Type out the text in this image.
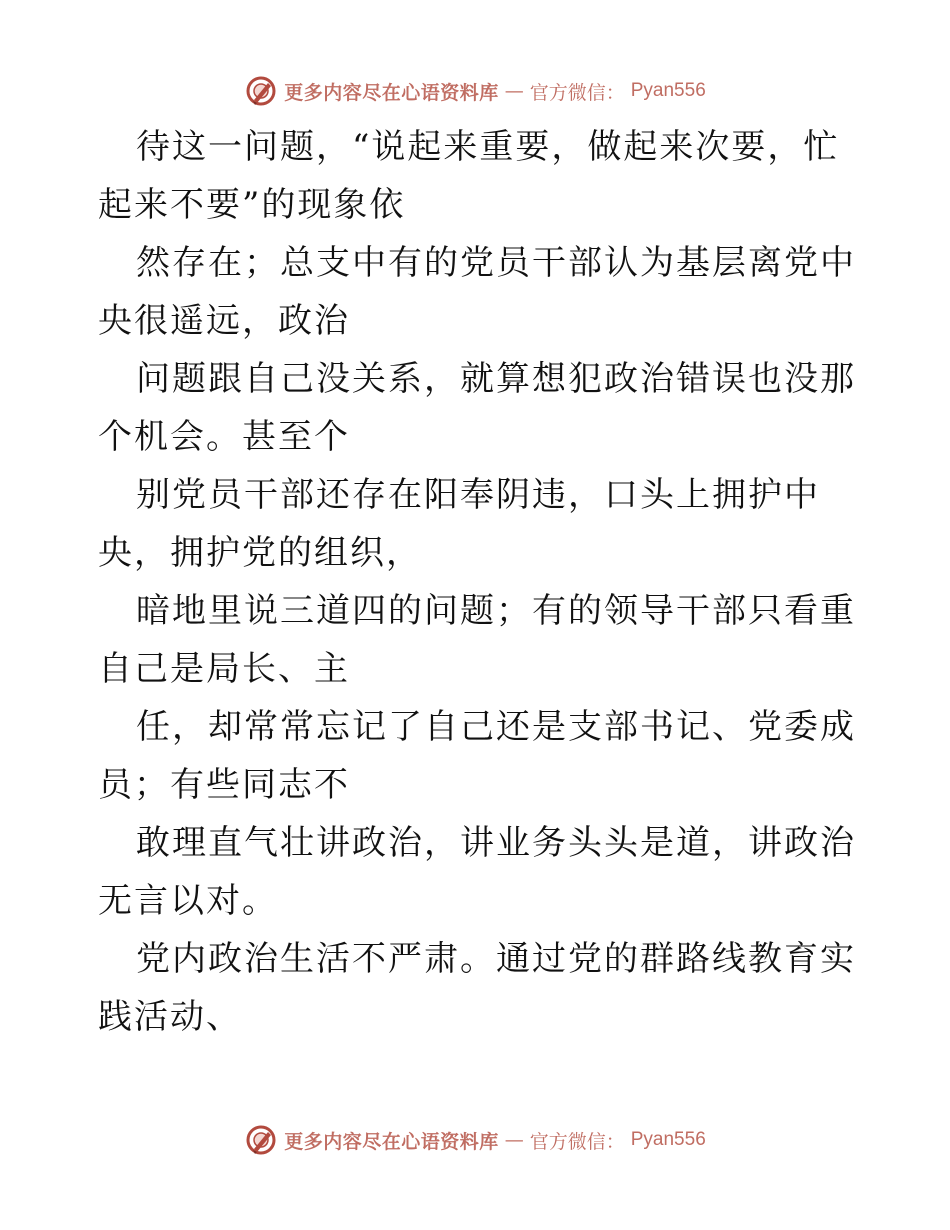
更多内容尽在心语资料库 — 官方微信： Pyan556

待这一问题，“说起来重要，做起来次要，忙起来不要”的现象依

然存在；总支中有的党员干部认为基层离党中央很遥远，政治

问题跟自己没关系，就算想犯政治错误也没那个机会。甚至个

别党员干部还存在阳奉阴违，口头上拥护中央，拥护党的组织，

暗地里说三道四的问题；有的领导干部只看重自己是局长、主

任，却常常忘记了自己还是支部书记、党委成员；有些同志不

敢理直气壮讲政治，讲业务头头是道，讲政治无言以对。

党内政治生活不严肃。通过党的群路线教育实践活动、

更多内容尽在心语资料库 — 官方微信： Pyan556
